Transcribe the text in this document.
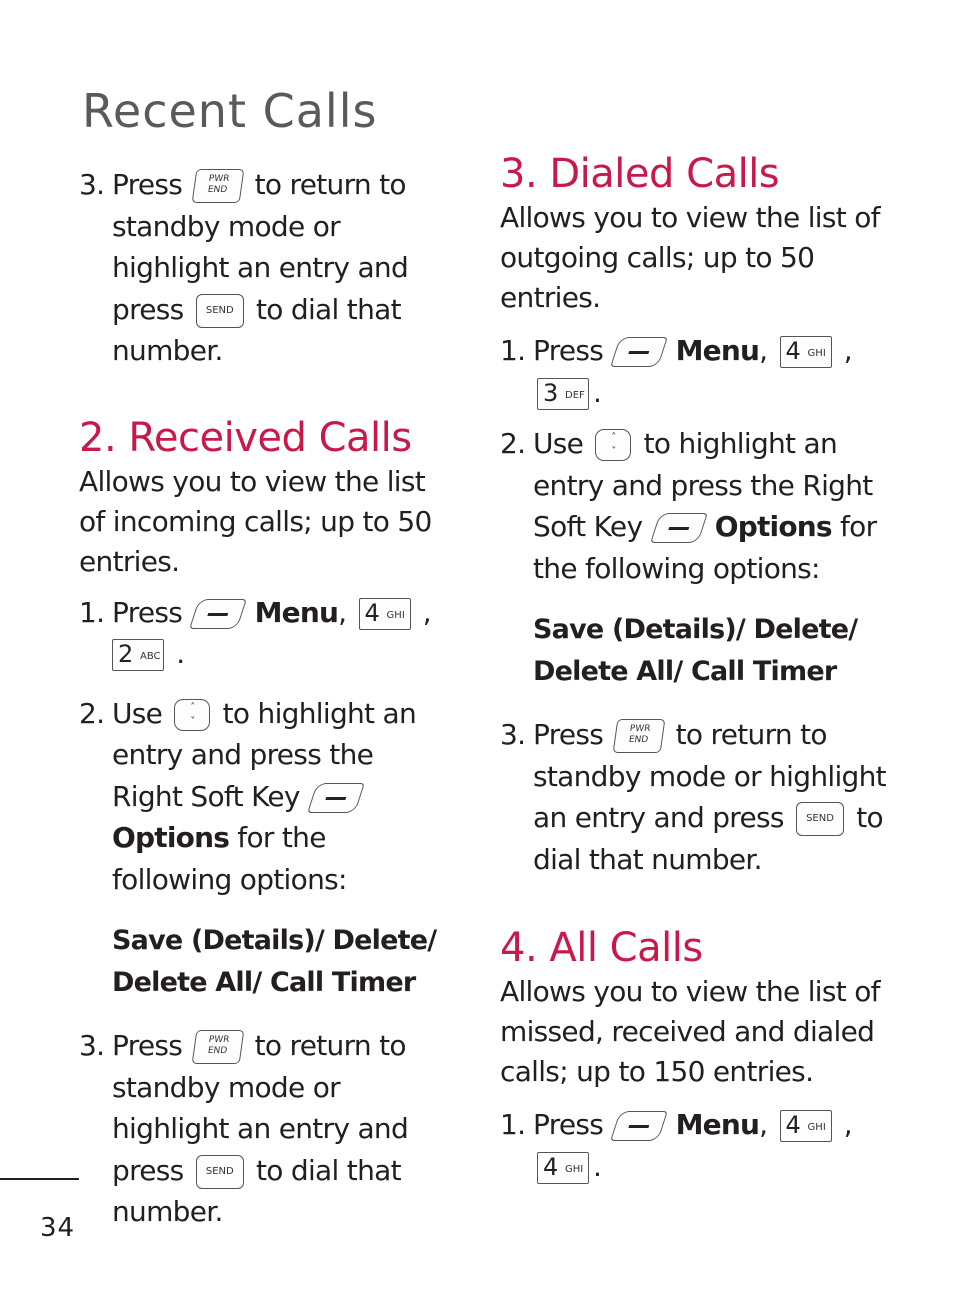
Recent Calls

3. Press	PWR
END to return to standby mode or highlight an entry and press	SEND to dial that number.

2. Received Calls

Allows you to view the list of incoming calls; up to 50 entries.

1. Press	Menu, 4 GHI ,

2 ABC .

2. Use	˄
˅	to highlight an entry and press the Right Soft Key
Options for the following options:

Save (Details)/ Delete/ Delete All/ Call Timer

3. Press	PWR
END to return to standby mode or highlight an entry and press	SEND to dial that number.

3. Dialed Calls

Allows you to view the list of outgoing calls; up to 50 entries.

1. Press	Menu, 4 GHI ,
3 DEF .

2. Use	˄
˅	to highlight an entry and press the Right Soft Key	Options for the following options:

Save (Details)/ Delete/ Delete All/ Call Timer

3. Press	PWR
END to return to standby mode or highlight an entry and press	SEND to dial that number.

4. All Calls

Allows you to view the list of missed, received and dialed calls; up to 150 entries.

1. Press	Menu, 4 GHI ,
4 GHI .

34
